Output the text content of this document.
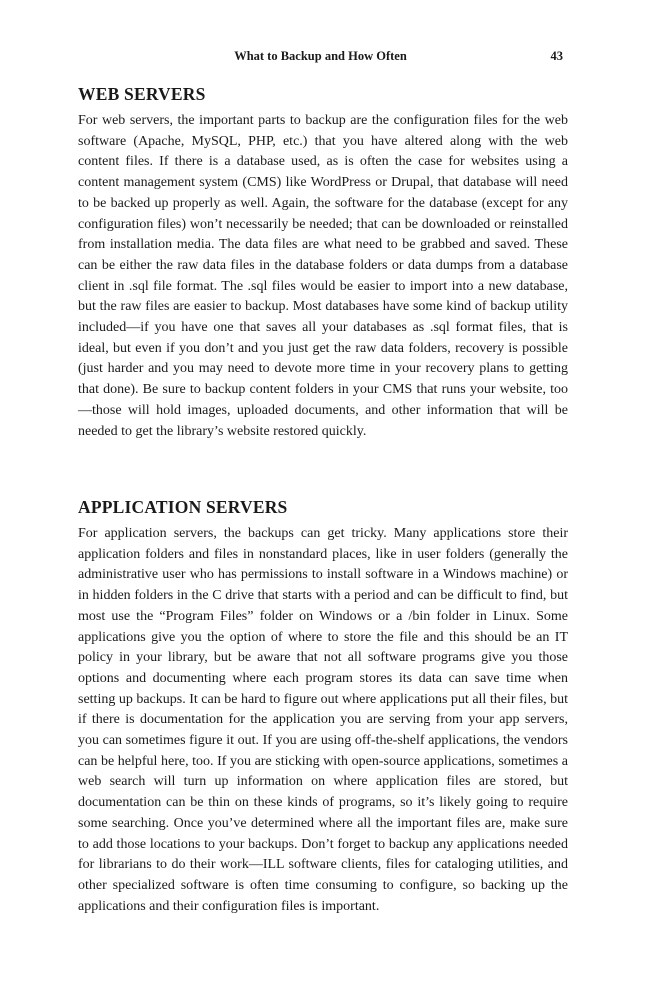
What to Backup and How Often	43
WEB SERVERS

For web servers, the important parts to backup are the configuration files for the web software (Apache, MySQL, PHP, etc.) that you have altered along with the web content files. If there is a database used, as is often the case for websites using a content management system (CMS) like WordPress or Drupal, that database will need to be backed up properly as well. Again, the software for the database (except for any configuration files) won’t necessarily be needed; that can be downloaded or reinstalled from installation media. The data files are what need to be grabbed and saved. These can be either the raw data files in the database folders or data dumps from a database client in .sql file format. The .sql files would be easier to import into a new database, but the raw files are easier to backup. Most databases have some kind of backup utility included—if you have one that saves all your databases as .sql format files, that is ideal, but even if you don’t and you just get the raw data folders, recovery is possible (just harder and you may need to devote more time in your recovery plans to getting that done). Be sure to backup content folders in your CMS that runs your website, too—those will hold images, uploaded documents, and other information that will be needed to get the library’s website restored quickly.

APPLICATION SERVERS

For application servers, the backups can get tricky. Many applications store their application folders and files in nonstandard places, like in user folders (generally the administrative user who has permissions to install software in a Windows machine) or in hidden folders in the C drive that starts with a period and can be difficult to find, but most use the “Program Files” folder on Windows or a /bin folder in Linux. Some applications give you the option of where to store the file and this should be an IT policy in your library, but be aware that not all software programs give you those options and documenting where each program stores its data can save time when setting up backups. It can be hard to figure out where applications put all their files, but if there is documentation for the application you are serving from your app servers, you can sometimes figure it out. If you are using off-the-shelf applications, the vendors can be helpful here, too. If you are sticking with open-source applications, sometimes a web search will turn up information on where application files are stored, but documentation can be thin on these kinds of programs, so it’s likely going to require some searching. Once you’ve determined where all the important files are, make sure to add those locations to your backups. Don’t forget to backup any applications needed for librarians to do their work—ILL software clients, files for cataloging utilities, and other specialized software is often time consuming to configure, so backing up the applications and their configuration files is important.
